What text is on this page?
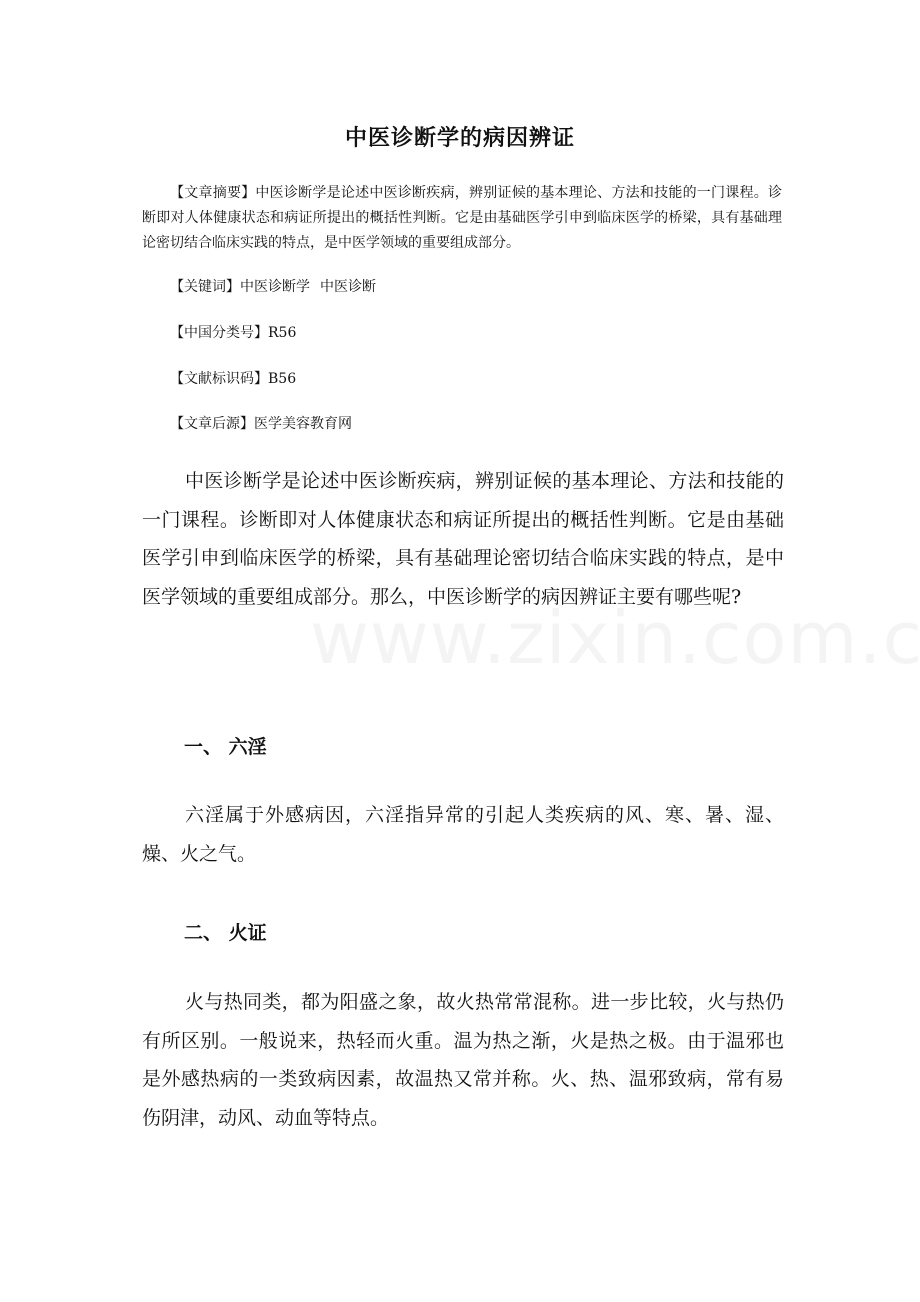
中医诊断学的病因辨证

【文章摘要】中医诊断学是论述中医诊断疾病，辨别证候的基本理论、方法和技能的一门课程。诊断即对人体健康状态和病证所提出的概括性判断。它是由基础医学引申到临床医学的桥梁，具有基础理论密切结合临床实践的特点，是中医学领域的重要组成部分。

【关键词】中医诊断学 中医诊断
【中国分类号】R56
【文献标识码】B56
【文章后源】医学美容教育网

中医诊断学是论述中医诊断疾病，辨别证候的基本理论、方法和技能的一门课程。诊断即对人体健康状态和病证所提出的概括性判断。它是由基础医学引申到临床医学的桥梁，具有基础理论密切结合临床实践的特点，是中医学领域的重要组成部分。那么，中医诊断学的病因辨证主要有哪些呢?

一、 六淫

六淫属于外感病因，六淫指异常的引起人类疾病的风、寒、暑、湿、燥、火之气。

二、 火证

火与热同类，都为阳盛之象，故火热常常混称。进一步比较，火与热仍有所区别。一般说来，热轻而火重。温为热之渐，火是热之极。由于温邪也是外感热病的一类致病因素，故温热又常并称。火、热、温邪致病，常有易伤阴津，动风、动血等特点。
